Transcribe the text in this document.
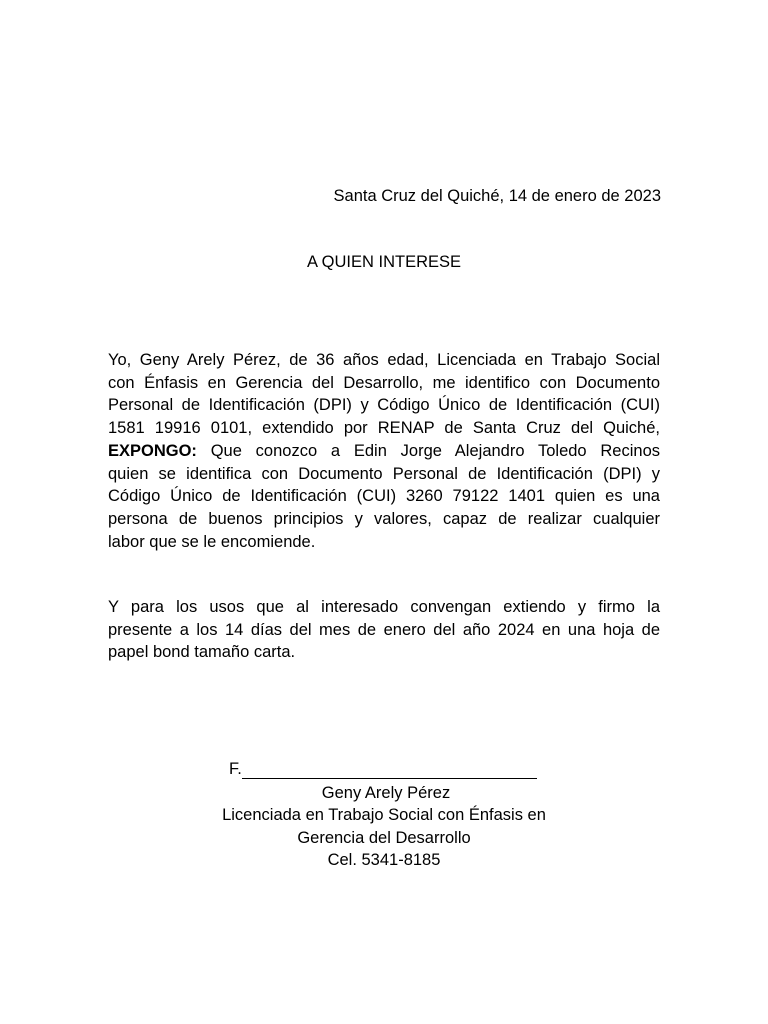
Santa Cruz del Quiché, 14 de enero de 2023
A QUIEN INTERESE
Yo, Geny Arely Pérez, de 36 años edad, Licenciada en Trabajo Social
con Énfasis en Gerencia del Desarrollo, me identifico con Documento
Personal de Identificación (DPI) y Código Único de Identificación (CUI)
1581 19916 0101, extendido por RENAP de Santa Cruz del Quiché,
EXPONGO: Que conozco a Edin Jorge Alejandro Toledo Recinos
quien se identifica con Documento Personal de Identificación (DPI) y
Código Único de Identificación (CUI) 3260 79122 1401 quien es una
persona de buenos principios y valores, capaz de realizar cualquier
labor que se le encomiende.
Y para los usos que al interesado convengan extiendo y firmo la
presente a los 14 días del mes de enero del año 2024 en una hoja de
papel bond tamaño carta.
F.
Geny Arely Pérez
Licenciada en Trabajo Social con Énfasis en
Gerencia del Desarrollo
Cel. 5341-8185
